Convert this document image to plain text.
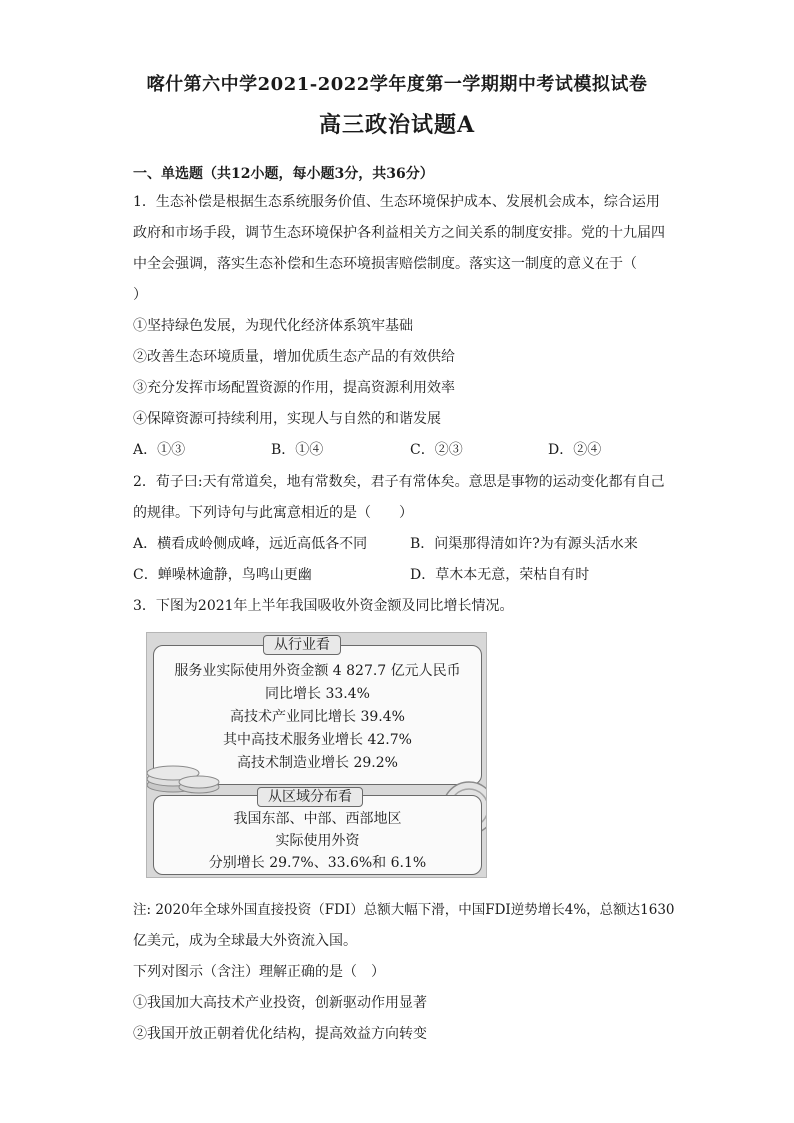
喀什第六中学2021-2022学年度第一学期期中考试模拟试卷
高三政治试题A
一、单选题（共12小题，每小题3分，共36分）
1．生态补偿是根据生态系统服务价值、生态环境保护成本、发展机会成本，综合运用
政府和市场手段，调节生态环境保护各利益相关方之间关系的制度安排。党的十九届四
中全会强调，落实生态补偿和生态环境损害赔偿制度。落实这一制度的意义在于（
）
①坚持绿色发展，为现代化经济体系筑牢基础
②改善生态环境质量，增加优质生态产品的有效供给
③充分发挥市场配置资源的作用，提高资源利用效率
④保障资源可持续利用，实现人与自然的和谐发展
A．①③	B．①④	C．②③	D．②④
2．荀子曰:天有常道矣，地有常数矣，君子有常体矣。意思是事物的运动变化都有自己
的规律。下列诗句与此寓意相近的是（　　）
A．横看成岭侧成峰，远近高低各不同	B．问渠那得清如许?为有源头活水来
C．蝉噪林逾静，鸟鸣山更幽	D．草木本无意，荣枯自有时
3．下图为2021年上半年我国吸收外资金额及同比增长情况。
从行业看
服务业实际使用外资金额 4 827.7 亿元人民币
同比增长 33.4%
高技术产业同比增长 39.4%
其中高技术服务业增长 42.7%
高技术制造业增长 29.2%
从区域分布看
我国东部、中部、西部地区
实际使用外资
分别增长 29.7%、33.6%和 6.1%
注: 2020年全球外国直接投资（FDI）总额大幅下滑，中国FDI逆势增长4%，总额达1630
亿美元，成为全球最大外资流入国。
下列对图示（含注）理解正确的是（　）
①我国加大高技术产业投资，创新驱动作用显著
②我国开放正朝着优化结构，提高效益方向转变
